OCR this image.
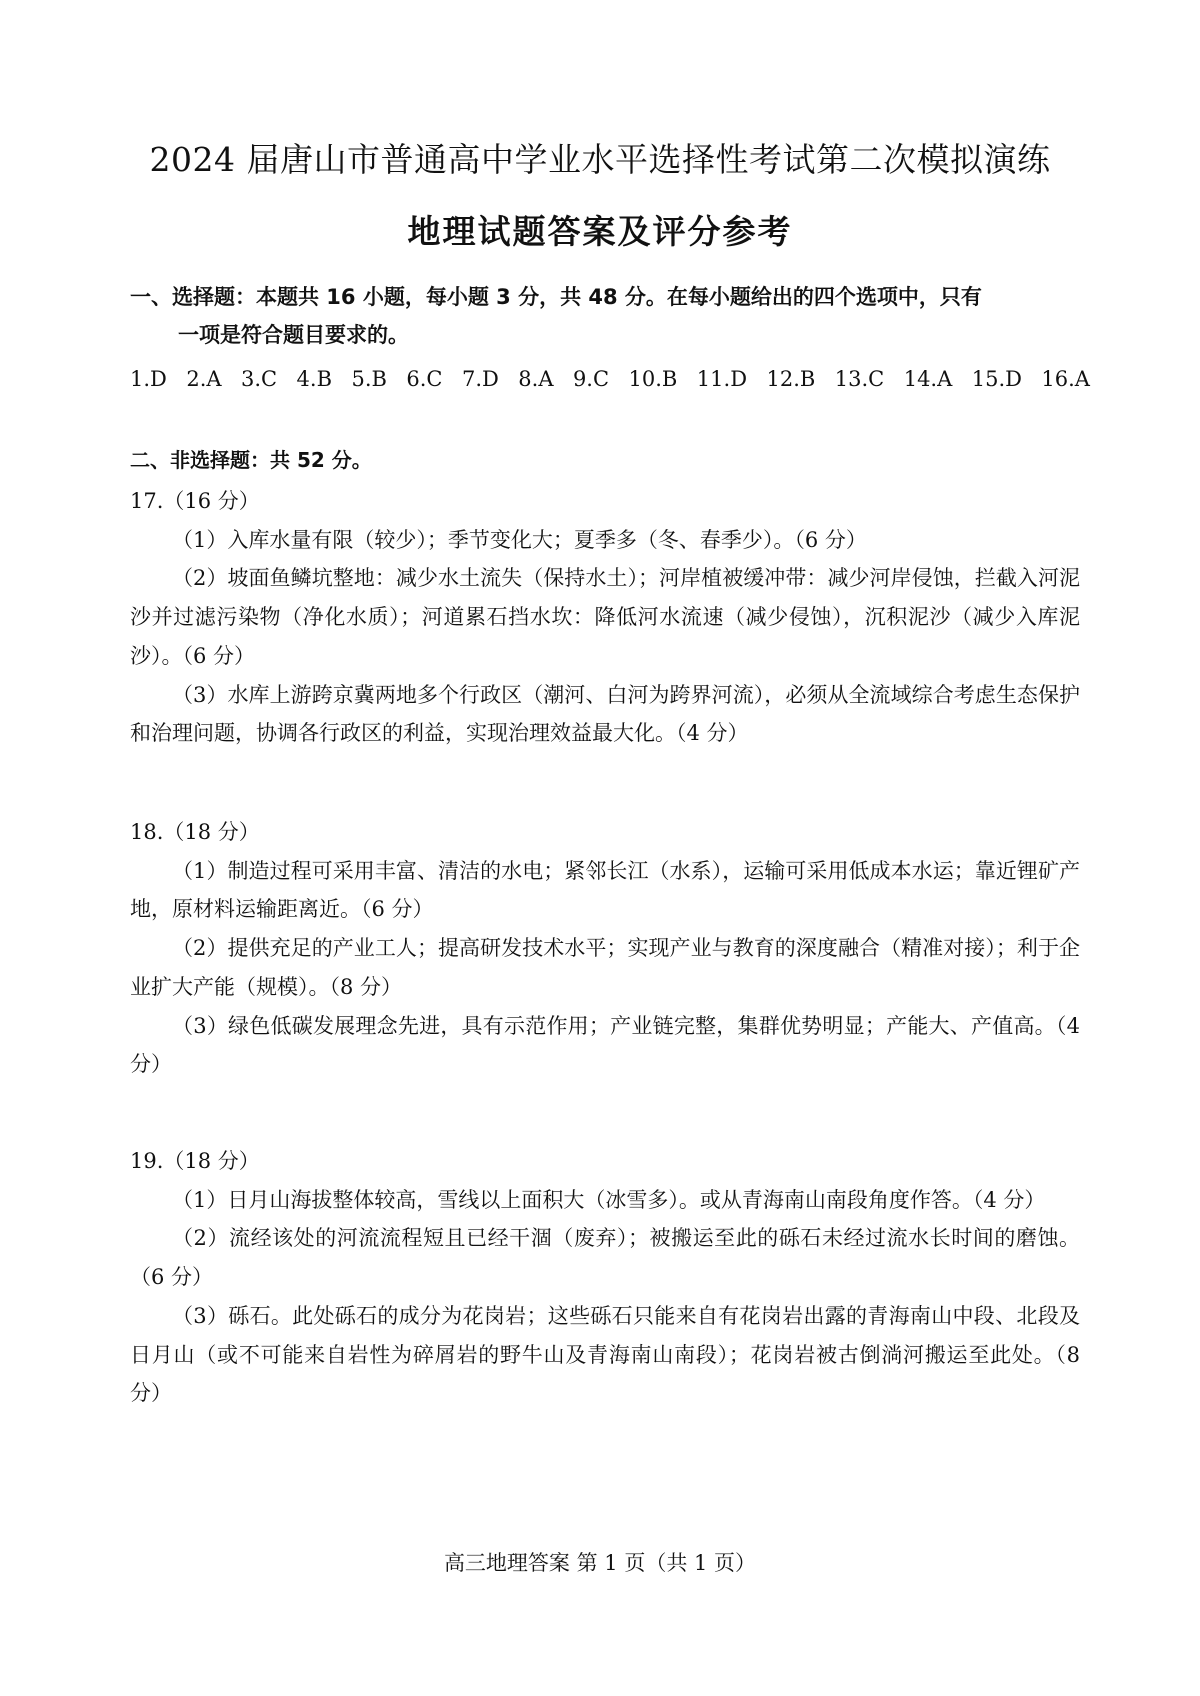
2024 届唐山市普通高中学业水平选择性考试第二次模拟演练
地理试题答案及评分参考
一、选择题：本题共 16 小题，每小题 3 分，共 48 分。在每小题给出的四个选项中，只有
一项是符合题目要求的。
1.D 2.A 3.C 4.B 5.B 6.C 7.D 8.A 9.C 10.B 11.D 12.B 13.C 14.A 15.D 16.A
二、非选择题：共 52 分。
17.（16 分）
（1）入库水量有限（较少）；季节变化大；夏季多（冬、春季少）。（6 分）
（2）坡面鱼鳞坑整地：减少水土流失（保持水土）；河岸植被缓冲带：减少河岸侵蚀，拦截入河泥沙并过滤污染物（净化水质）；河道累石挡水坎：降低河水流速（减少侵蚀），沉积泥沙（减少入库泥沙）。（6 分）
（3）水库上游跨京冀两地多个行政区（潮河、白河为跨界河流），必须从全流域综合考虑生态保护和治理问题，协调各行政区的利益，实现治理效益最大化。（4 分）
18.（18 分）
（1）制造过程可采用丰富、清洁的水电；紧邻长江（水系），运输可采用低成本水运；靠近锂矿产地，原材料运输距离近。（6 分）
（2）提供充足的产业工人；提高研发技术水平；实现产业与教育的深度融合（精准对接）；利于企业扩大产能（规模）。（8 分）
（3）绿色低碳发展理念先进，具有示范作用；产业链完整，集群优势明显；产能大、产值高。（4 分）
19.（18 分）
（1）日月山海拔整体较高，雪线以上面积大（冰雪多）。或从青海南山南段角度作答。（4 分）
（2）流经该处的河流流程短且已经干涸（废弃）；被搬运至此的砾石未经过流水长时间的磨蚀。（6 分）
（3）砾石。此处砾石的成分为花岗岩；这些砾石只能来自有花岗岩出露的青海南山中段、北段及日月山（或不可能来自岩性为碎屑岩的野牛山及青海南山南段）；花岗岩被古倒淌河搬运至此处。（8 分）
高三地理答案 第 1 页（共 1 页）
